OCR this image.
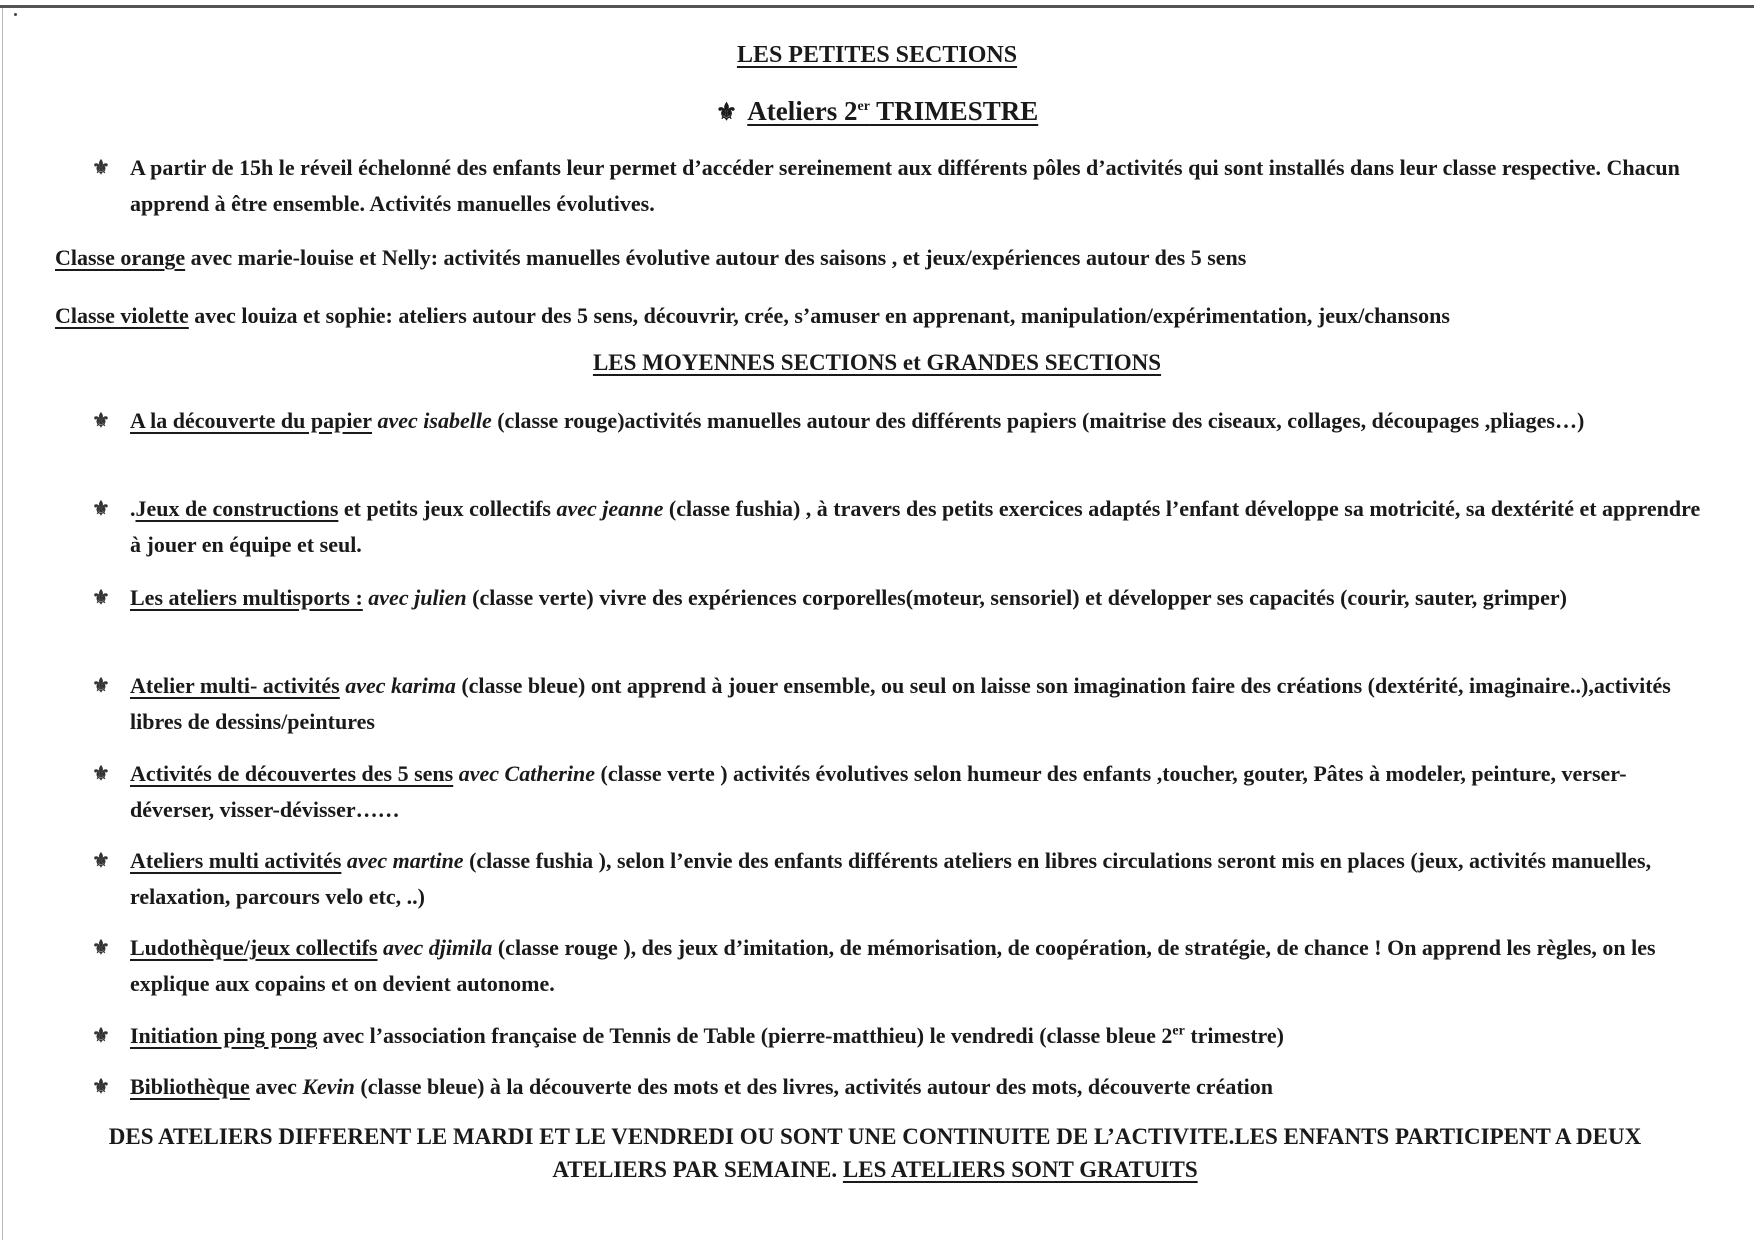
LES PETITES SECTIONS
⚜ Ateliers 2er TRIMESTRE
⚜ A partir de 15h le réveil échelonné des enfants leur permet d’accéder sereinement aux différents pôles d’activités qui sont installés dans leur classe respective. Chacun apprend à être ensemble. Activités manuelles évolutives.
Classe orange avec marie-louise et Nelly: activités manuelles évolutive autour des saisons , et jeux/expériences autour des 5 sens
Classe violette avec louiza et sophie: ateliers autour des 5 sens, découvrir, crée, s’amuser en apprenant, manipulation/expérimentation, jeux/chansons
LES MOYENNES SECTIONS et GRANDES SECTIONS
⚜ A la découverte du papier avec isabelle (classe rouge)activités manuelles autour des différents papiers (maitrise des ciseaux, collages, découpages ,pliages…)
⚜ .Jeux de constructions et petits jeux collectifs avec jeanne (classe fushia) , à travers des petits exercices adaptés l’enfant développe sa motricité, sa dextérité et apprendre à jouer en équipe et seul.
⚜ Les ateliers multisports : avec julien (classe verte) vivre des expériences corporelles(moteur, sensoriel) et développer ses capacités (courir, sauter, grimper)
⚜ Atelier multi- activités avec karima (classe bleue) ont apprend à jouer ensemble, ou seul on laisse son imagination faire des créations (dextérité, imaginaire..),activités libres de dessins/peintures
⚜ Activités de découvertes des 5 sens avec Catherine (classe verte ) activités évolutives selon humeur des enfants ,toucher, gouter, Pâtes à modeler, peinture, verser-déverser, visser-dévisser……
⚜ Ateliers multi activités avec martine (classe fushia ), selon l’envie des enfants différents ateliers en libres circulations seront mis en places (jeux, activités manuelles, relaxation, parcours velo etc, ..)
⚜ Ludothèque/jeux collectifs avec djimila (classe rouge ), des jeux d’imitation, de mémorisation, de coopération, de stratégie, de chance ! On apprend les règles, on les explique aux copains et on devient autonome.
⚜ Initiation ping pong avec l’association française de Tennis de Table (pierre-matthieu) le vendredi (classe bleue 2er trimestre)
⚜ Bibliothèque avec Kevin (classe bleue) à la découverte des mots et des livres, activités autour des mots, découverte création
DES ATELIERS DIFFERENT LE MARDI ET LE VENDREDI OU SONT UNE CONTINUITE DE L’ACTIVITE.LES ENFANTS PARTICIPENT A DEUX ATELIERS PAR SEMAINE. LES ATELIERS SONT GRATUITS
